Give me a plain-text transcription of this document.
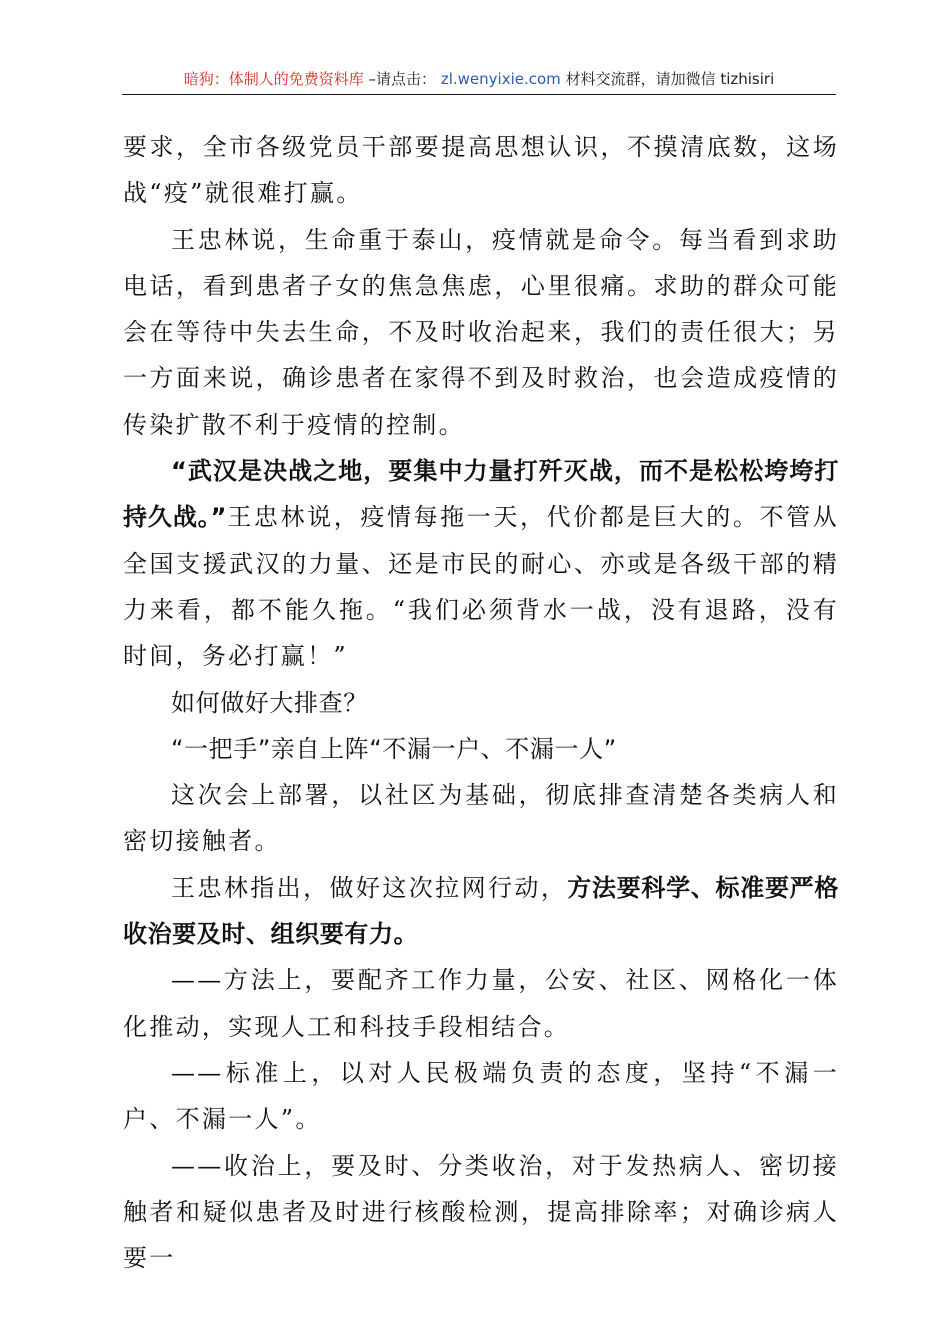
暗狗：体制人的免费资料库 –请点击： zl.wenyixie.com 材料交流群，请加微信 tizhisiri

要求，全市各级党员干部要提高思想认识，不摸清底数，这场战“疫”就很难打赢。

王忠林说，生命重于泰山，疫情就是命令。每当看到求助电话，看到患者子女的焦急焦虑，心里很痛。求助的群众可能会在等待中失去生命，不及时收治起来，我们的责任很大；另一方面来说，确诊患者在家得不到及时救治，也会造成疫情的传染扩散不利于疫情的控制。

“武汉是决战之地，要集中力量打歼灭战，而不是松松垮垮打持久战。”王忠林说，疫情每拖一天，代价都是巨大的。不管从全国支援武汉的力量、还是市民的耐心、亦或是各级干部的精力来看，都不能久拖。“我们必须背水一战，没有退路，没有时间，务必打赢！”

如何做好大排查？

“一把手”亲自上阵“不漏一户、不漏一人”

这次会上部署，以社区为基础，彻底排查清楚各类病人和密切接触者。

王忠林指出，做好这次拉网行动，方法要科学、标准要严格收治要及时、组织要有力。

——方法上，要配齐工作力量，公安、社区、网格化一体化推动，实现人工和科技手段相结合。

——标准上，以对人民极端负责的态度，坚持“不漏一户、不漏一人”。

——收治上，要及时、分类收治，对于发热病人、密切接触者和疑似患者及时进行核酸检测，提高排除率；对确诊病人要一
